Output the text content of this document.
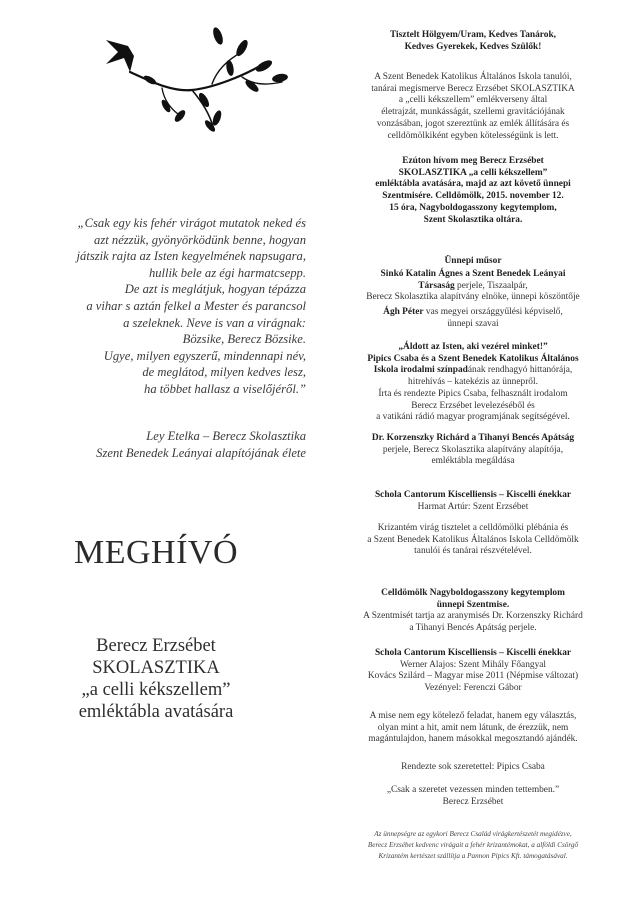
„Csak egy kis fehér virágot mutatok neked és
azt nézzük, gyönyörködünk benne, hogyan
játszik rajta az Isten kegyelmének napsugara,
hullik bele az égi harmatcsepp.
De azt is meglátjuk, hogyan tépázza
a vihar s aztán felkel a Mester és parancsol
a szeleknek. Neve is van a virágnak:
Bözsike, Berecz Bözsike.
Ugye, milyen egyszerű, mindennapi név,
de meglátod, milyen kedves lesz,
ha többet hallasz a viselőjéről.”
Ley Etelka – Berecz Skolasztika
Szent Benedek Leányai alapítójának élete
MEGHÍVÓ
Berecz Erzsébet
SKOLASZTIKA
„a celli kékszellem”
emléktábla avatására
Tisztelt Hölgyem/Uram, Kedves Tanárok,
Kedves Gyerekek, Kedves Szülők!
A Szent Benedek Katolikus Általános Iskola tanulói,
tanárai megismerve Berecz Erzsébet SKOLASZTIKA
a „celli kékszellem” emlékverseny által
életrajzát, munkásságát, szellemi gravitációjának
vonzásában, jogot szereztünk az emlék állítására és
celldömölkiként egyben kötelességünk is lett.
Ezúton hívom meg Berecz Erzsébet
SKOLASZTIKA „a celli kékszellem”
emléktábla avatására, majd az azt követő ünnepi
Szentmisére. Celldömölk, 2015. november 12.
15 óra, Nagyboldogasszony kegytemplom,
Szent Skolasztika oltára.
Ünnepi műsor
Sinkó Katalin Ágnes a Szent Benedek Leányai
Társaság perjele, Tiszaalpár,
Berecz Skolasztika alapítvány elnöke, ünnepi köszöntője
Ágh Péter vas megyei országgyűlési képviselő,
ünnepi szavai
„Áldott az Isten, aki vezérel minket!”
Pipics Csaba és a Szent Benedek Katolikus Általános
Iskola irodalmi színpadának rendhagyó hittanórája,
hitrehívás – katekézis az ünnepről.
Írta és rendezte Pipics Csaba, felhasznált irodalom
Berecz Erzsébet levelezéséből és
a vatikáni rádió magyar programjának segítségével.
Dr. Korzenszky Richárd a Tihanyi Bencés Apátság
perjele, Berecz Skolasztika alapítvány alapítója,
emléktábla megáldása
Schola Cantorum Kiscelliensis – Kiscelli énekkar
Harmat Artúr: Szent Erzsébet
Krizantém virág tisztelet a celldömölki plébánia és
a Szent Benedek Katolikus Általános Iskola Celldömölk
tanulói és tanárai részvételével.
Celldömölk Nagyboldogasszony kegytemplom
ünnepi Szentmise.
A Szentmisét tartja az aranymisés Dr. Korzenszky Richárd
a Tihanyi Bencés Apátság perjele.
Schola Cantorum Kiscelliensis – Kiscelli énekkar
Werner Alajos: Szent Mihály Főangyal
Kovács Szilárd – Magyar mise 2011 (Népmise változat)
Vezényel: Ferenczi Gábor
A mise nem egy kötelező feladat, hanem egy választás,
olyan mint a hit, amit nem látunk, de érezzük, nem
magántulajdon, hanem másokkal megosztandó ajándék.
Rendezte sok szeretettel: Pipics Csaba
„Csak a szeretet vezessen minden tettemben.”
Berecz Erzsébet
Az ünnepségre az egykori Berecz Család virágkertészetét megidézve,
Berecz Erzsébet kedvenc virágait a fehér krizantémokat, a alföldi Csörgő
Krizantém kertészet szállítja a Pannon Pipics Kft. támogatásával.
